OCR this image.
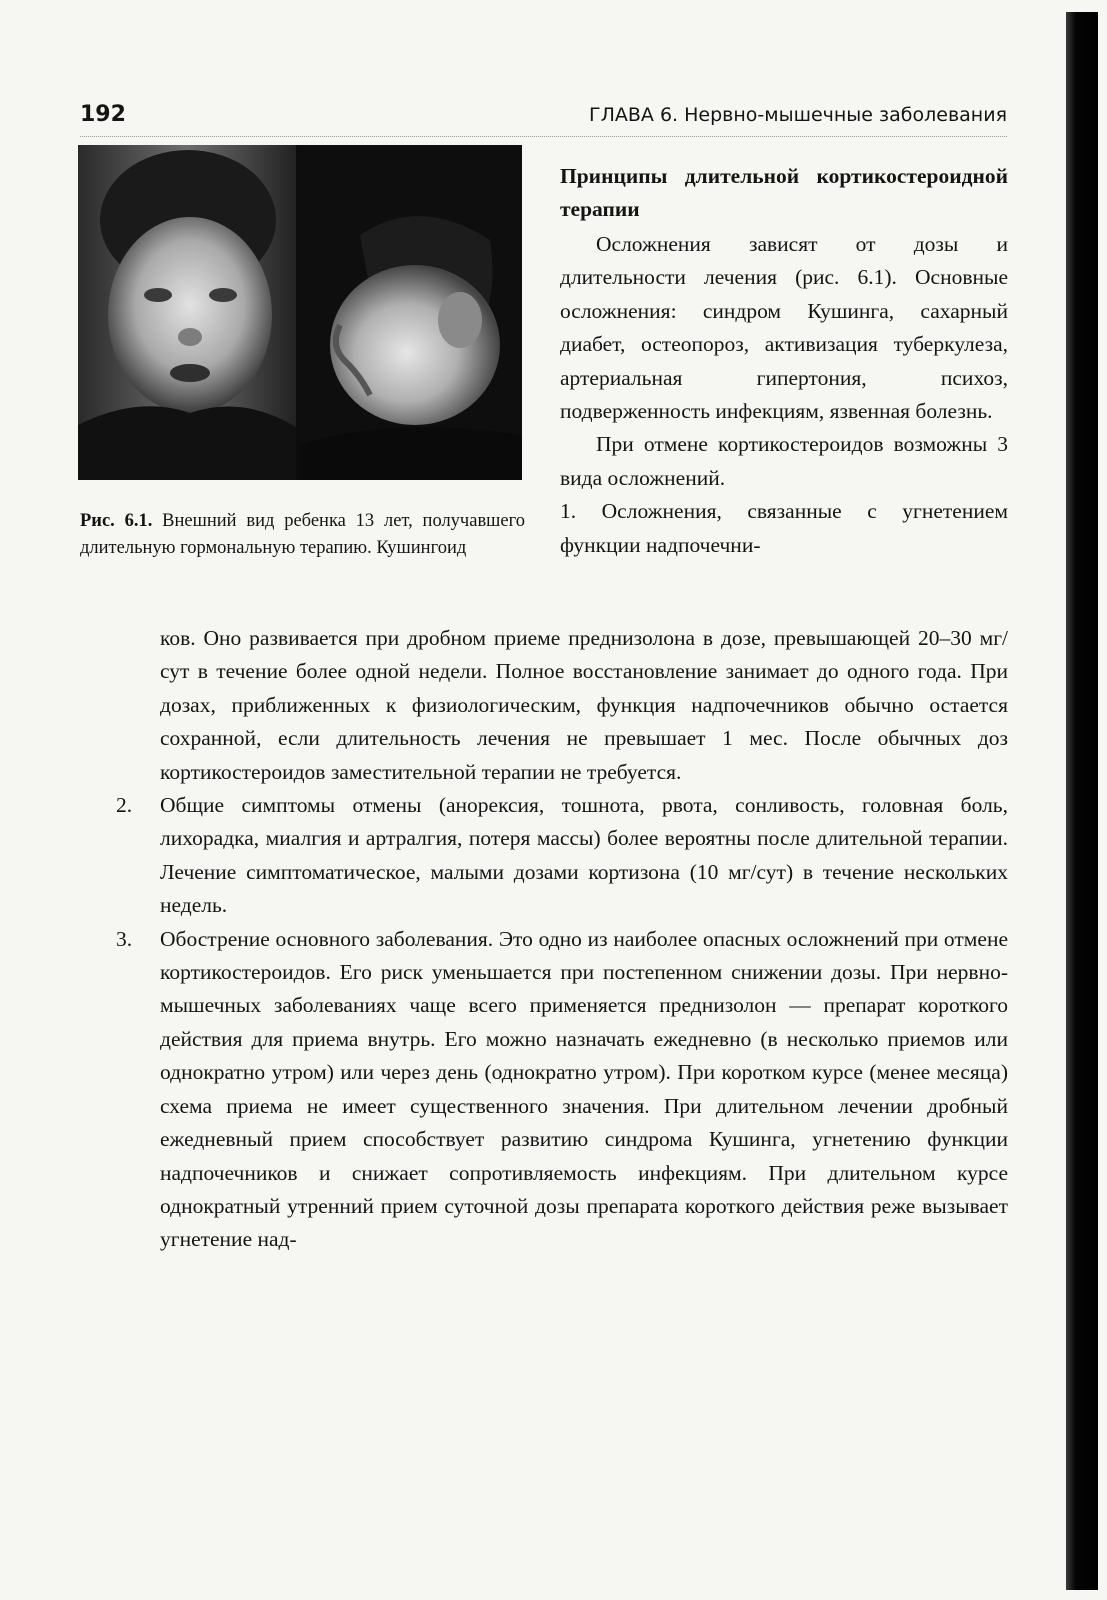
192	ГЛАВА 6. Нервно-мышечные заболевания
Рис. 6.1. Внешний вид ребенка 13 лет, получавшего длительную гормональную терапию. Кушингоид
Принципы длительной кортикостероидной терапии

Осложнения зависят от дозы и длительности лечения (рис. 6.1). Основные осложнения: синдром Кушинга, сахарный диабет, остеопороз, активизация туберкулеза, артериальная гипертония, психоз, подверженность инфекциям, язвенная болезнь.

При отмене кортикостероидов возможны 3 вида осложнений.

1. Осложнения, связанные с угнетением функции надпочечни-

ков. Оно развивается при дробном приеме преднизолона в дозе, превышающей 20–30 мг/сут в течение более одной недели. Полное восстановление занимает до одного года. При дозах, приближенных к физиологическим, функция надпочечников обычно остается сохранной, если длительность лечения не превышает 1 мес. После обычных доз кортикостероидов заместительной терапии не требуется.

2. Общие симптомы отмены (анорексия, тошнота, рвота, сонливость, головная боль, лихорадка, миалгия и артралгия, потеря массы) более вероятны после длительной терапии. Лечение симптоматическое, малыми дозами кортизона (10 мг/сут) в течение нескольких недель.
3. Обострение основного заболевания. Это одно из наиболее опасных осложнений при отмене кортикостероидов. Его риск уменьшается при постепенном снижении дозы. При нервно-мышечных заболеваниях чаще всего применяется преднизолон — препарат короткого действия для приема внутрь. Его можно назначать ежедневно (в несколько приемов или однократно утром) или через день (однократно утром). При коротком курсе (менее месяца) схема приема не имеет существенного значения. При длительном лечении дробный ежедневный прием способствует развитию синдрома Кушинга, угнетению функции надпочечников и снижает сопротивляемость инфекциям. При длительном курсе однократный утренний прием суточной дозы препарата короткого действия реже вызывает угнетение над-
